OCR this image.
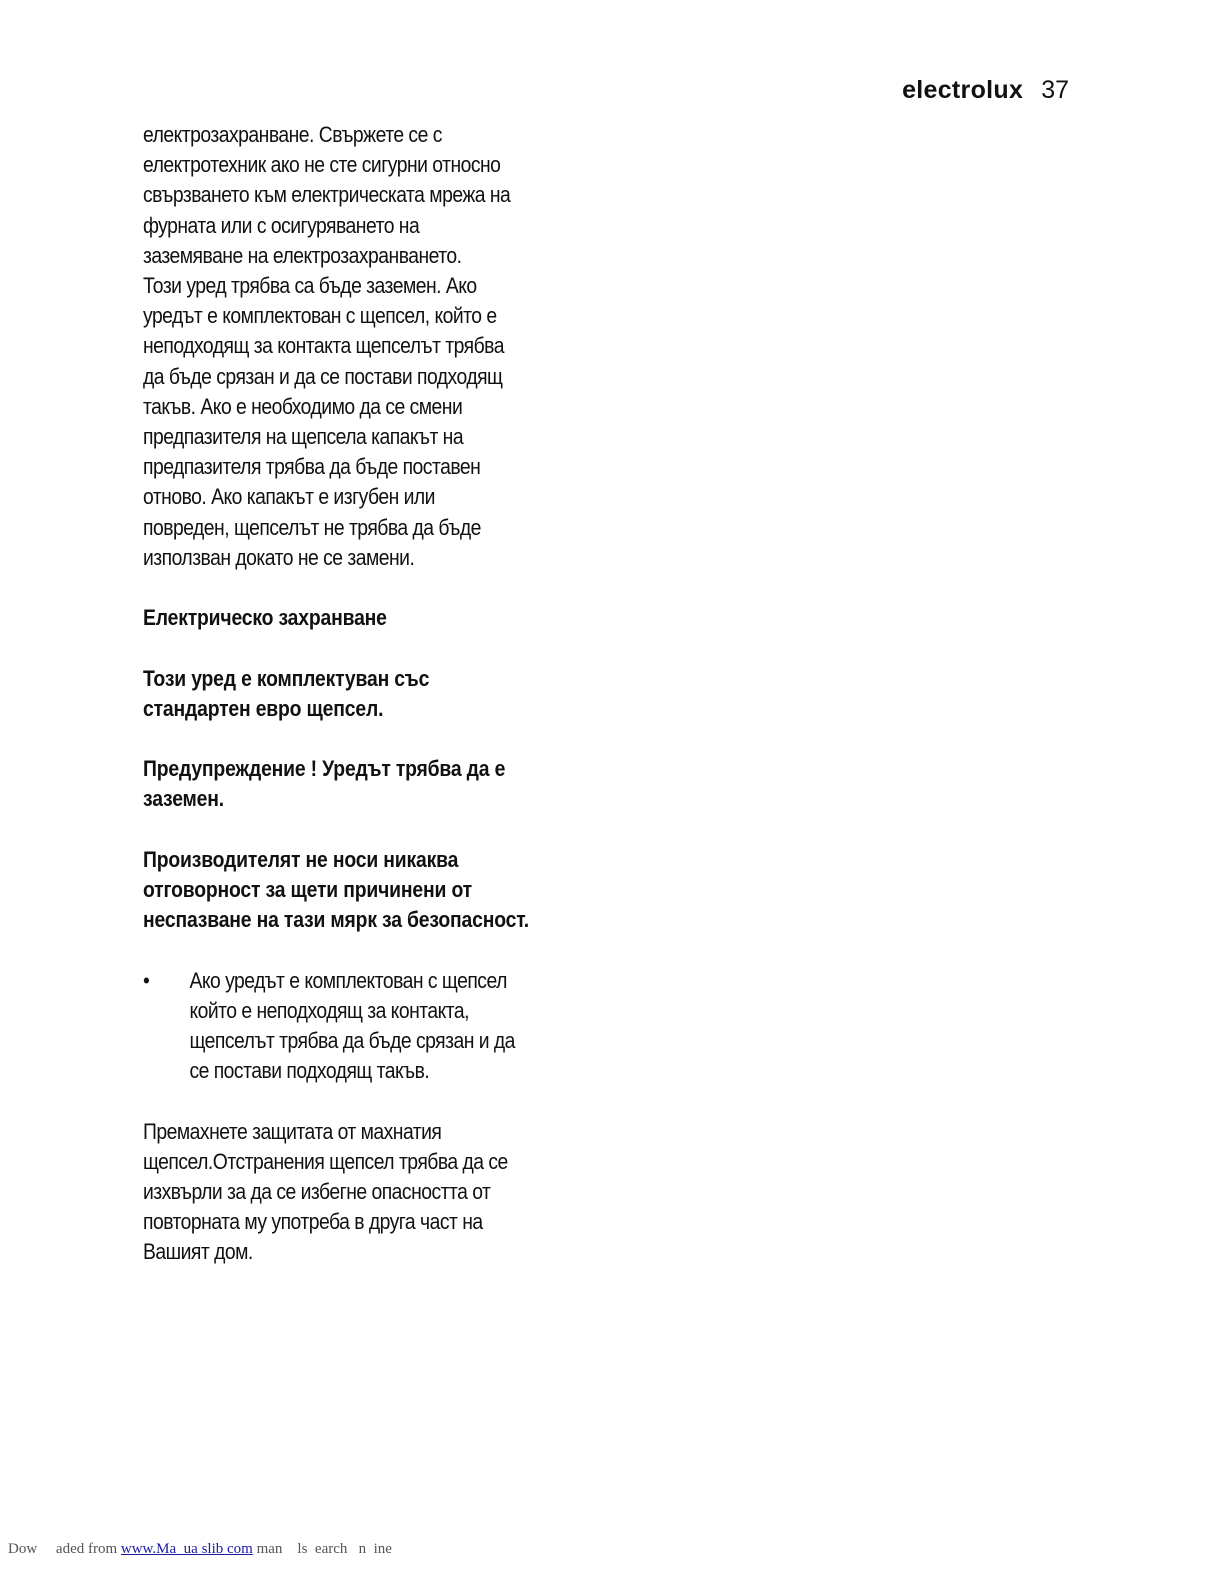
electrolux 37

електрозахранване. Свържете се с
електротехник ако не сте сигурни относно
свързването към електрическата мрежа на
фурната или с осигуряването на
заземяване на електрозахранването.
Този уред трябва са бъде заземен. Ако
уредът е комплектован с щепсел, който е
неподходящ за контакта щепселът трябва
да бъде срязан и да се постави подходящ
такъв. Ако е необходимо да се смени
предпазителя на щепсела капакът на
предпазителя трябва да бъде поставен
отново. Ако капакът е изгубен или
повреден, щепселът не трябва да бъде
използван докато не се замени.

Електрическо захранване

Този уред е комплектуван със
стандартен евро щепсел.

Предупреждение ! Уредът трябва да е
заземен.

Производителят не носи никаква
отговорност за щети причинени от
неспазване на тази мярк за безопасност.

•	Ако уредът е комплектован с щепсел
който е неподходящ за контакта,
щепселът трябва да бъде срязан и да
се постави подходящ такъв.

Премахнете защитата от махнатия
щепсел.Отстранения щепсел трябва да се
изхвърли за да се избегне опасността от
повторната му употреба в друга част на
Вашият дом.

Dow     aded from www.Ma  ua slib com man    ls  earch   n  ine
